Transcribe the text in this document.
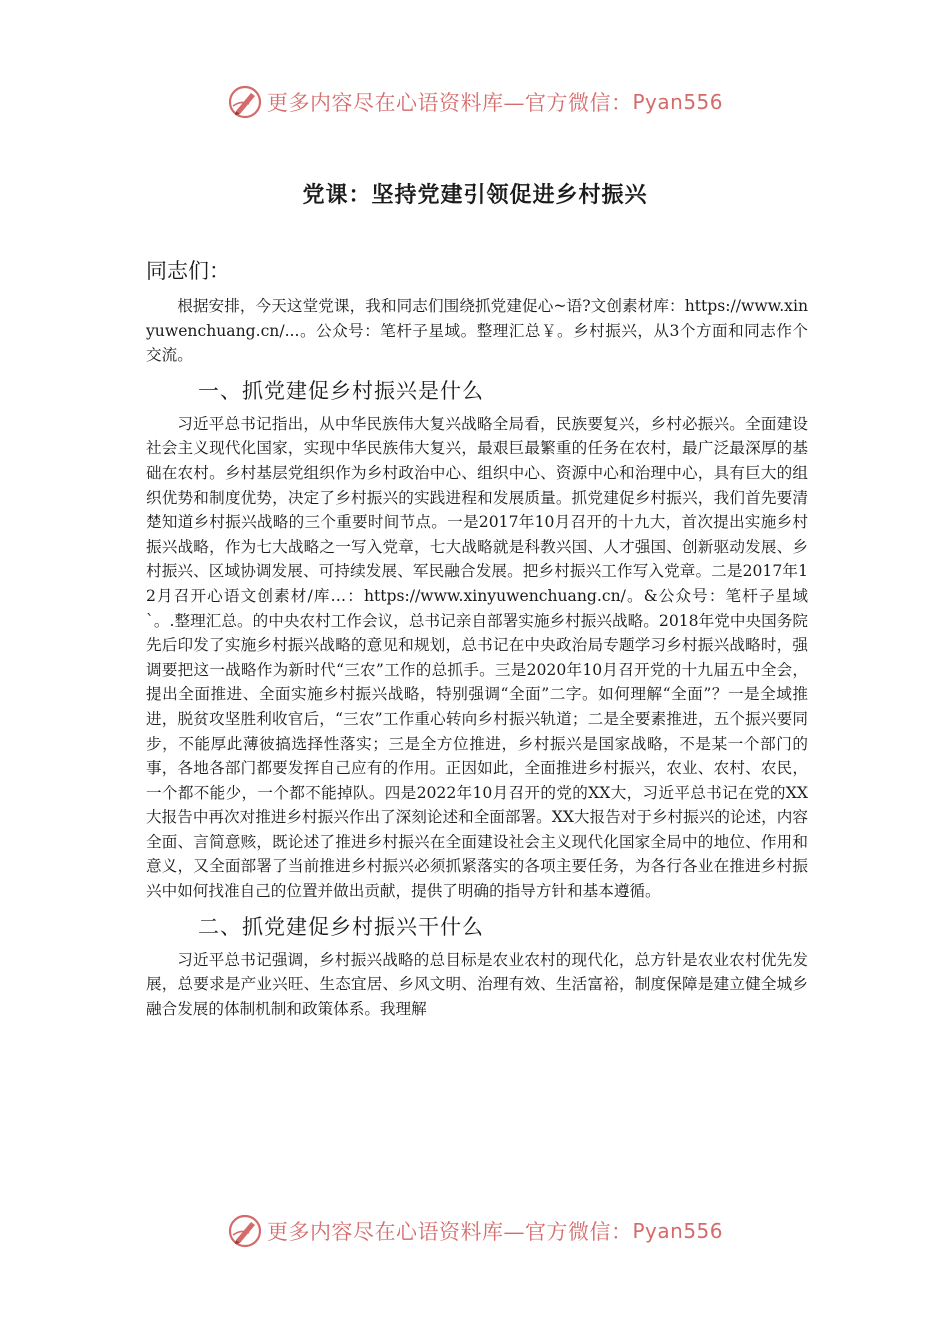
更多内容尽在心语资料库—官方微信： Pyan556
党课：坚持党建引领促进乡村振兴

同志们：

根据安排，今天这堂党课，我和同志们围绕抓党建促心~语?文创素材库：https://www.xinyuwenchuang.cn/...。公众号：笔杆子星域。整理汇总￥。乡村振兴，从3个方面和同志作个交流。

一、抓党建促乡村振兴是什么

习近平总书记指出，从中华民族伟大复兴战略全局看，民族要复兴，乡村必振兴。全面建设社会主义现代化国家，实现中华民族伟大复兴，最艰巨最繁重的任务在农村，最广泛最深厚的基础在农村。乡村基层党组织作为乡村政治中心、组织中心、资源中心和治理中心，具有巨大的组织优势和制度优势，决定了乡村振兴的实践进程和发展质量。抓党建促乡村振兴，我们首先要清楚知道乡村振兴战略的三个重要时间节点。一是2017年10月召开的十九大，首次提出实施乡村振兴战略，作为七大战略之一写入党章，七大战略就是科教兴国、人才强国、创新驱动发展、乡村振兴、区域协调发展、可持续发展、军民融合发展。把乡村振兴工作写入党章。二是2017年12月召开心语文创素材/库…：https://www.xinyuwenchuang.cn/。&公众号：笔杆子星域`。.整理汇总。的中央农村工作会议，总书记亲自部署实施乡村振兴战略。2018年党中央国务院先后印发了实施乡村振兴战略的意见和规划，总书记在中央政治局专题学习乡村振兴战略时，强调要把这一战略作为新时代“三农”工作的总抓手。三是2020年10月召开党的十九届五中全会，提出全面推进、全面实施乡村振兴战略，特别强调“全面”二字。如何理解“全面”？一是全域推进，脱贫攻坚胜利收官后，“三农”工作重心转向乡村振兴轨道；二是全要素推进，五个振兴要同步，不能厚此薄彼搞选择性落实；三是全方位推进，乡村振兴是国家战略，不是某一个部门的事，各地各部门都要发挥自己应有的作用。正因如此，全面推进乡村振兴，农业、农村、农民，一个都不能少，一个都不能掉队。四是2022年10月召开的党的XX大，习近平总书记在党的XX大报告中再次对推进乡村振兴作出了深刻论述和全面部署。XX大报告对于乡村振兴的论述，内容全面、言简意赅，既论述了推进乡村振兴在全面建设社会主义现代化国家全局中的地位、作用和意义，又全面部署了当前推进乡村振兴必须抓紧落实的各项主要任务，为各行各业在推进乡村振兴中如何找准自己的位置并做出贡献，提供了明确的指导方针和基本遵循。

二、抓党建促乡村振兴干什么

习近平总书记强调，乡村振兴战略的总目标是农业农村的现代化，总方针是农业农村优先发展，总要求是产业兴旺、生态宜居、乡风文明、治理有效、生活富裕，制度保障是建立健全城乡融合发展的体制机制和政策体系。我理解

更多内容尽在心语资料库—官方微信： Pyan556
